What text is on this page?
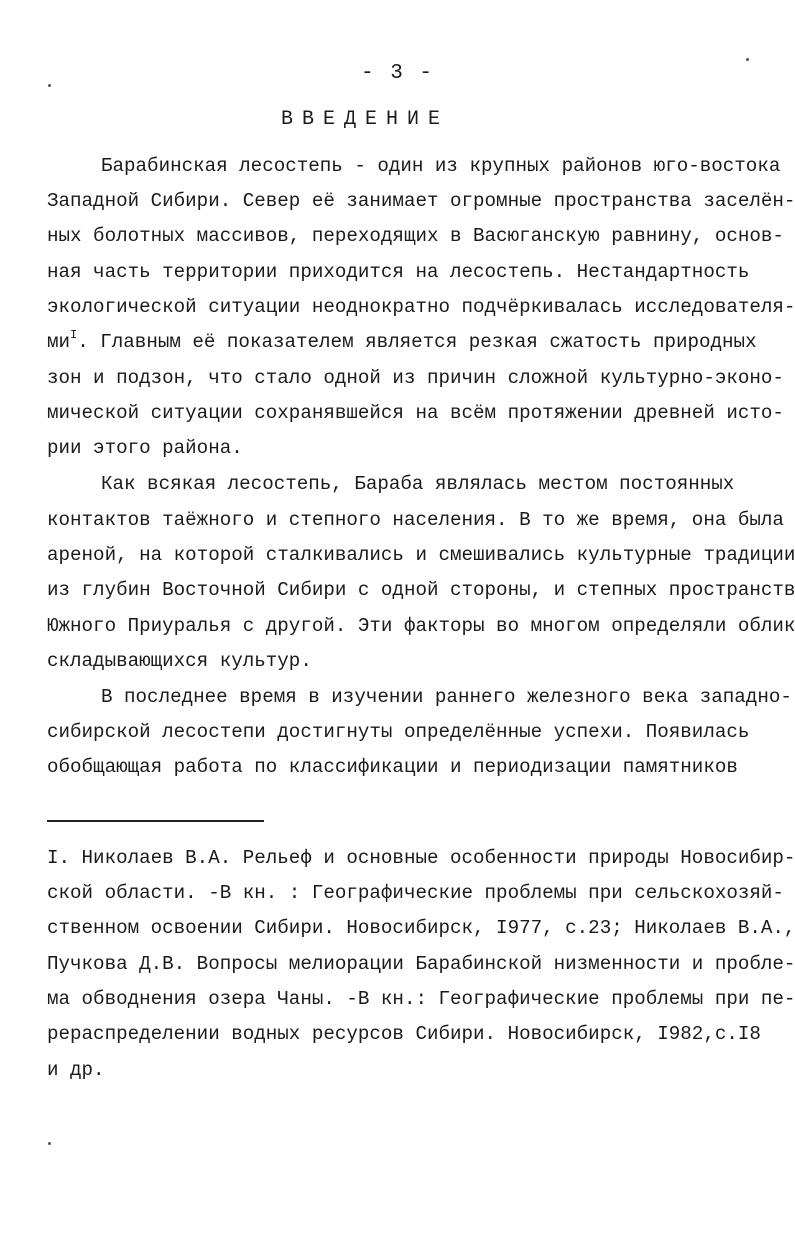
- 3 -
ВВЕДЕНИЕ
Барабинская лесостепь - один из крупных районов юго-востока
Западной Сибири. Север её занимает огромные пространства заселён-
ных болотных массивов, переходящих в Васюганскую равнину, основ-
ная часть территории приходится на лесостепь. Нестандартность
экологической ситуации неоднократно подчёркивалась исследователя-
$ми^I$. Главным её показателем является резкая сжатость природных
зон и подзон, что стало одной из причин сложной культурно-эконо-
мической ситуации сохранявшейся на всём протяжении древней исто-
рии этого района.
Как всякая лесостепь, Бараба являлась местом постоянных
контактов таёжного и степного населения. В то же время, она была
ареной, на которой сталкивались и смешивались культурные традиции
из глубин Восточной Сибири с одной стороны, и степных пространств
Южного Приуралья с другой. Эти факторы во многом определяли облик
складывающихся культур.
В последнее время в изучении раннего железного века западно-
сибирской лесостепи достигнуты определённые успехи. Появилась
обобщающая работа по классификации и периодизации памятников
I. Николаев В.А. Рельеф и основные особенности природы Новосибир-
ской области. -В кн. : Географические проблемы при сельскохозяй-
ственном освоении Сибири. Новосибирск, I977, с.23; Николаев В.А.,
Пучкова Д.В. Вопросы мелиорации Барабинской низменности и пробле-
ма обводнения озера Чаны. -В кн.: Географические проблемы при пе-
рераспределении водных ресурсов Сибири. Новосибирск, I982,с.I8
и др.
